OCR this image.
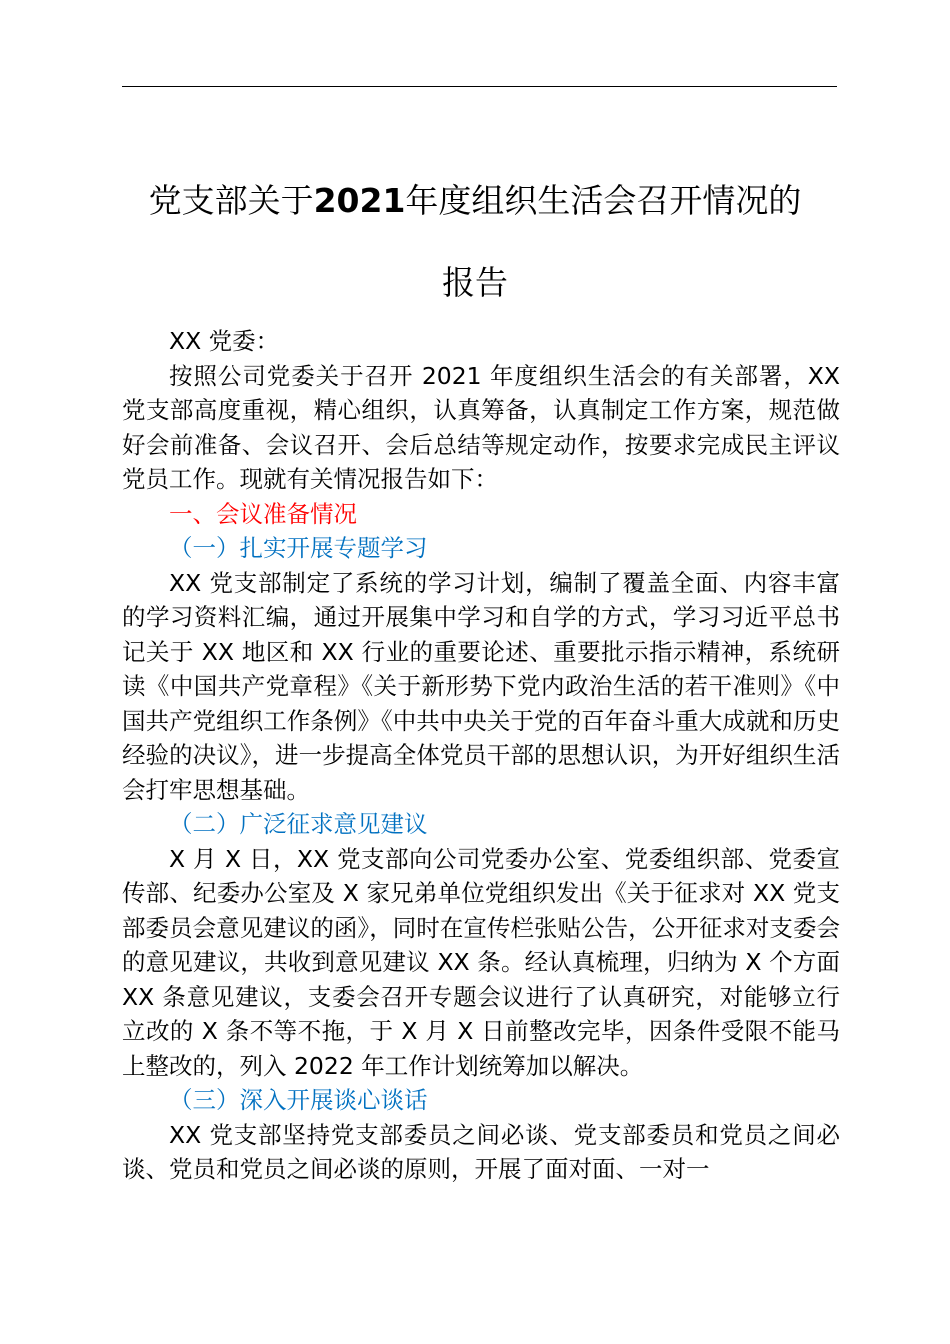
党支部关于2021年度组织生活会召开情况的
报告

XX 党委：

按照公司党委关于召开 2021 年度组织生活会的有关部署，XX 党支部高度重视，精心组织，认真筹备，认真制定工作方案，规范做好会前准备、会议召开、会后总结等规定动作，按要求完成民主评议党员工作。现就有关情况报告如下：

一、会议准备情况

（一）扎实开展专题学习

XX 党支部制定了系统的学习计划，编制了覆盖全面、内容丰富的学习资料汇编，通过开展集中学习和自学的方式，学习习近平总书记关于 XX 地区和 XX 行业的重要论述、重要批示指示精神，系统研读《中国共产党章程》《关于新形势下党内政治生活的若干准则》《中国共产党组织工作条例》《中共中央关于党的百年奋斗重大成就和历史经验的决议》，进一步提高全体党员干部的思想认识，为开好组织生活会打牢思想基础。

（二）广泛征求意见建议

X 月 X 日，XX 党支部向公司党委办公室、党委组织部、党委宣传部、纪委办公室及 X 家兄弟单位党组织发出《关于征求对 XX 党支部委员会意见建议的函》，同时在宣传栏张贴公告，公开征求对支委会的意见建议，共收到意见建议 XX 条。经认真梳理，归纳为 X 个方面 XX 条意见建议，支委会召开专题会议进行了认真研究，对能够立行立改的 X 条不等不拖，于 X 月 X 日前整改完毕，因条件受限不能马上整改的，列入 2022 年工作计划统筹加以解决。

（三）深入开展谈心谈话

XX 党支部坚持党支部委员之间必谈、党支部委员和党员之间必谈、党员和党员之间必谈的原则，开展了面对面、一对一
